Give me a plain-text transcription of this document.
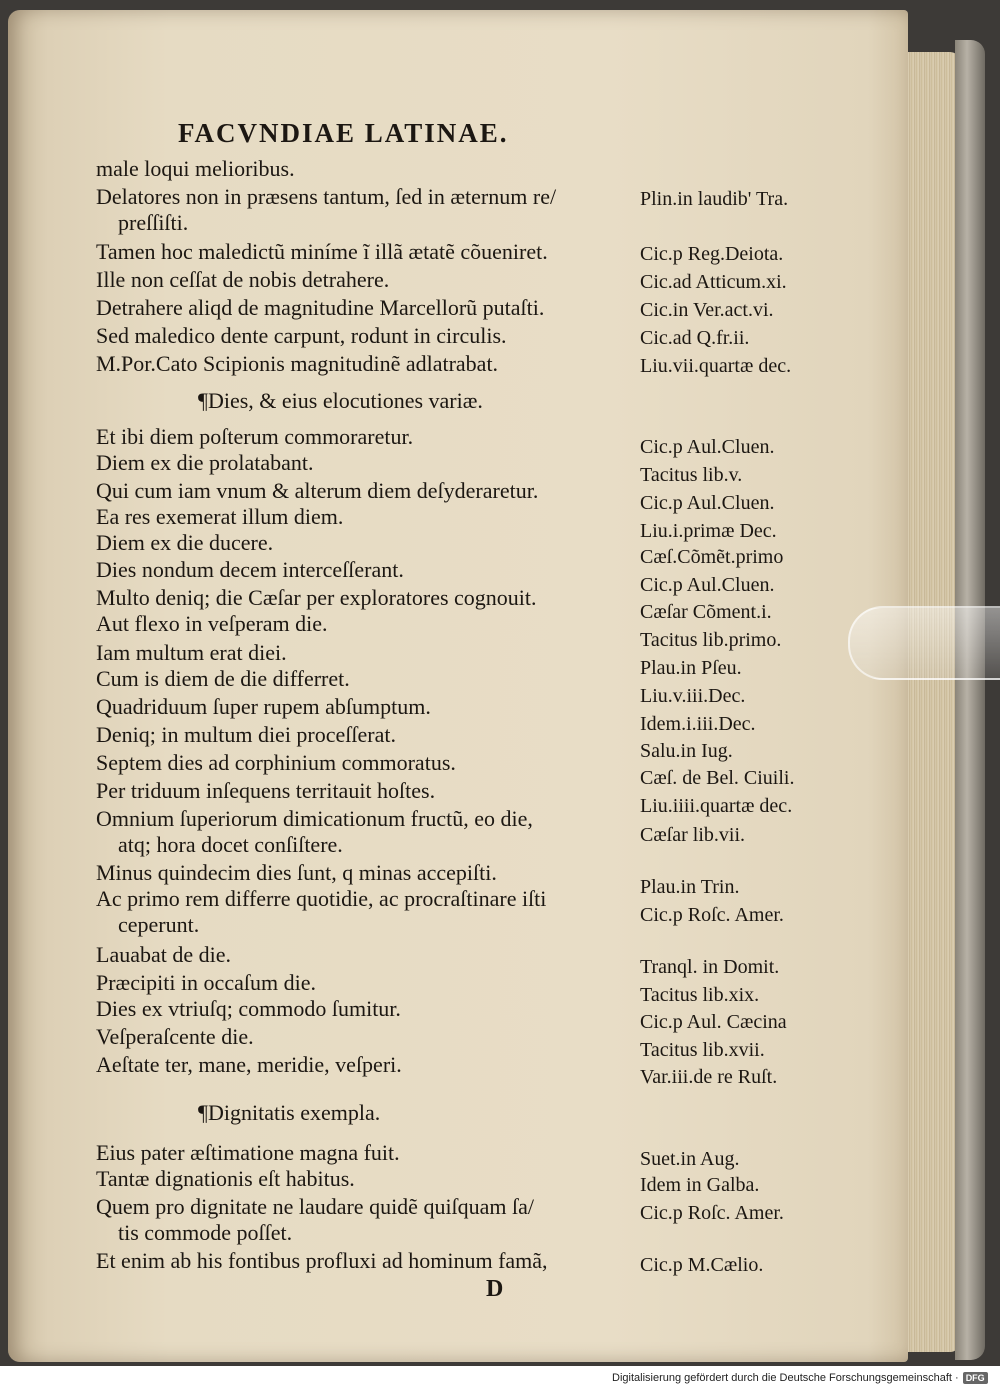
FACVNDIAE LATINAE.
male loqui melioribus.
Delatores non in præsens tantum, ſed in æternum re/
preſſiſti.
Tamen hoc maledictũ miníme ĩ illã ætatẽ cõueniret.
Ille non ceſſat de nobis detrahere.
Detrahere aliqd de magnitudine Marcellorũ putaſti.
Sed maledico dente carpunt, rodunt in circulis.
M.Por.Cato Scipionis magnitudinẽ adlatrabat.
Plin.in laudib' Tra.
Cic.p Reg.Deiota.
Cic.ad Atticum.xi.
Cic.in Ver.act.vi.
Cic.ad Q.fr.ii.
Liu.vii.quartæ dec.
¶Dies, & eius elocutiones variæ.
Et ibi diem poſterum commoraretur.
Diem ex die prolatabant.
Qui cum iam vnum & alterum diem deſyderaretur.
Ea res exemerat illum diem.
Diem ex die ducere.
Dies nondum decem interceſſerant.
Multo deniq; die Cæſar per exploratores cognouit.
Aut flexo in veſperam die.
Iam multum erat diei.
Cum is diem de die differret.
Quadriduum ſuper rupem abſumptum.
Deniq; in multum diei proceſſerat.
Septem dies ad corphinium commoratus.
Per triduum inſequens territauit hoſtes.
Omnium ſuperiorum dimicationum fructũ, eo die,
atq; hora docet conſiſtere.
Minus quindecim dies ſunt, q minas accepiſti.
Ac primo rem differre quotidie, ac procraſtinare iſti
ceperunt.
Lauabat de die.
Præcipiti in occaſum die.
Dies ex vtriuſq; commodo ſumitur.
Veſperaſcente die.
Aeſtate ter, mane, meridie, veſperi.
Cic.p Aul.Cluen.
Tacitus lib.v.
Cic.p Aul.Cluen.
Liu.i.primæ Dec.
Cæſ.Cõmẽt.primo
Cic.p Aul.Cluen.
Cæſar Cõment.i.
Tacitus lib.primo.
Plau.in Pſeu.
Liu.v.iii.Dec.
Idem.i.iii.Dec.
Salu.in Iug.
Cæſ. de Bel. Ciuili.
Liu.iiii.quartæ dec.
Cæſar lib.vii.
Plau.in Trin.
Cic.p Roſc. Amer.
Tranql. in Domit.
Tacitus lib.xix.
Cic.p Aul. Cæcina
Tacitus lib.xvii.
Var.iii.de re Ruſt.
¶Dignitatis exempla.
Eius pater æſtimatione magna fuit.
Tantæ dignationis eſt habitus.
Quem pro dignitate ne laudare quidẽ quiſquam ſa/
tis commode poſſet.
Et enim ab his fontibus profluxi ad hominum famã,
Suet.in Aug.
Idem in Galba.
Cic.p Roſc. Amer.
Cic.p M.Cælio.
D
Digitalisierung gefördert durch die Deutsche Forschungsgemeinschaft · DFG
